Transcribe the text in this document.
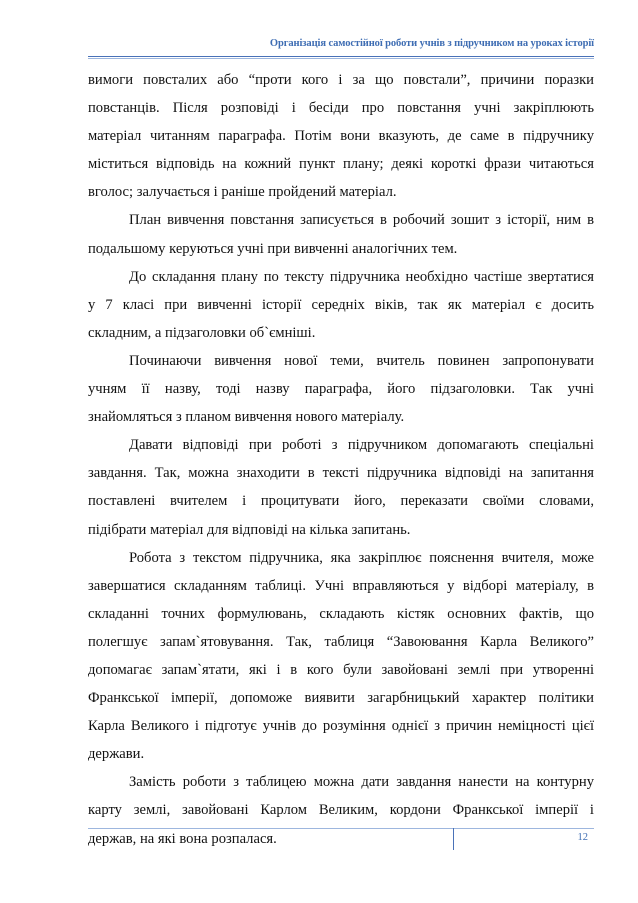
Організація самостійної роботи учнів з підручником на уроках історії

вимоги повсталих або “проти кого і за що повстали”, причини поразки
повстанців. Після розповіді і бесіди про повстання учні закріплюють
матеріал читанням параграфа. Потім вони вказують, де саме в підручнику
міститься відповідь на кожний пункт плану; деякі короткі фрази читаються
вголос; залучається і раніше пройдений матеріал.

План вивчення повстання записується в робочий зошит з історії, ним в
подальшому керуються учні при вивченні аналогічних тем.

До складання плану по тексту підручника необхідно частіше звертатися
у 7 класі при вивченні історії середніх віків, так як матеріал є досить
складним, а підзаголовки об`ємніші.

Починаючи вивчення нової теми, вчитель повинен запропонувати
учням її назву, тоді назву параграфа, його підзаголовки. Так учні
знайомляться з планом вивчення нового матеріалу.

Давати відповіді при роботі з підручником допомагають спеціальні
завдання. Так, можна знаходити в тексті підручника відповіді на запитання
поставлені вчителем і процитувати його, переказати своїми словами,
підібрати матеріал для відповіді на кілька запитань.

Робота з текстом підручника, яка закріплює пояснення вчителя, може
завершатися складанням таблиці. Учні вправляються у відборі матеріалу, в
складанні точних формулювань, складають кістяк основних фактів, що
полегшує запам`ятовування. Так, таблиця “Завоювання Карла Великого”
допомагає запам`ятати, які і в кого були завойовані землі при утворенні
Франкської імперії, допоможе виявити загарбницький характер політики
Карла Великого і підготує учнів до розуміння однієї з причин неміцності цієї
держави.

Замість роботи з таблицею можна дати завдання нанести на контурну
карту землі, завойовані Карлом Великим, кордони Франкської імперії і
держав, на які вона розпалася.	12
